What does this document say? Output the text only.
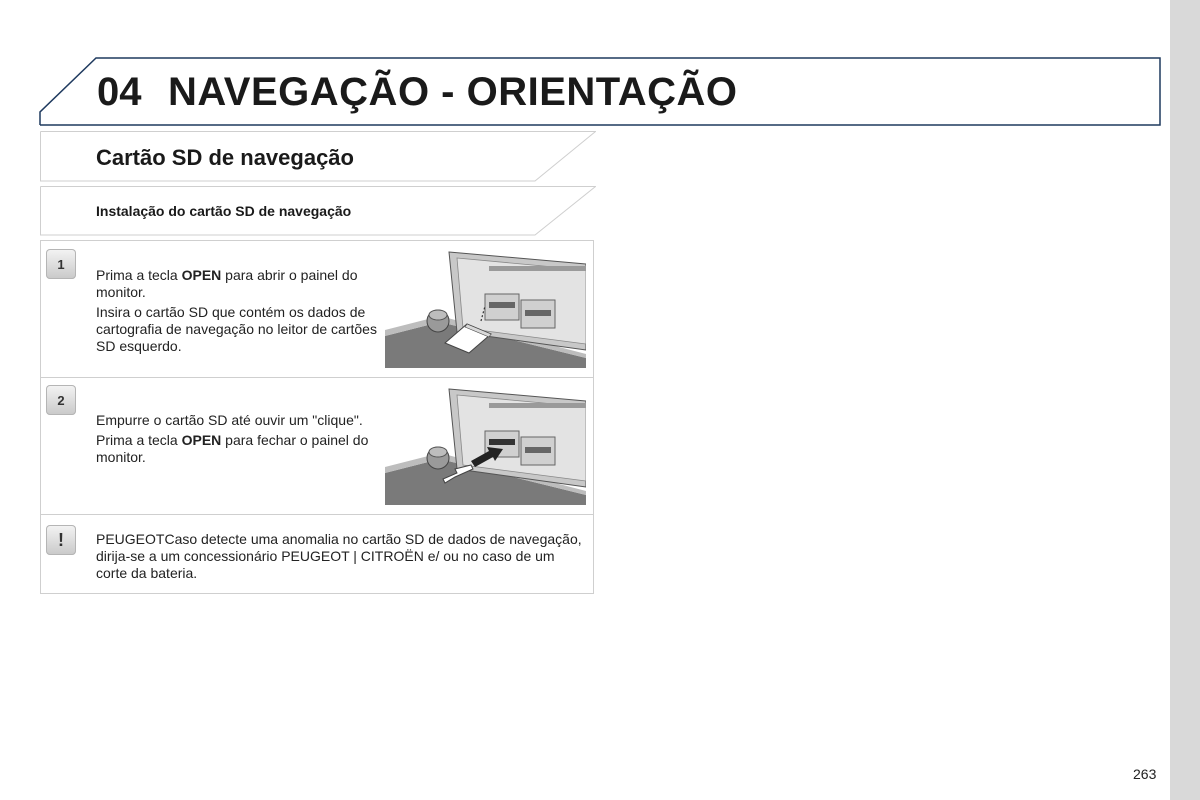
04 NAVEGAÇÃO - ORIENTAÇÃO
Cartão SD de navegação
Instalação do cartão SD de navegação
1

Prima a tecla OPEN para abrir o painel do monitor.

Insira o cartão SD que contém os dados de cartografia de navegação no leitor de cartões SD esquerdo.

2

Empurre o cartão SD até ouvir um "clique".

Prima a tecla OPEN para fechar o painel do monitor.

!	PEUGEOTCaso detecte uma anomalia no cartão SD de dados de navegação, dirija-se a um concessionário PEUGEOT | CITROËN e/ ou no caso de um corte da bateria.
263
